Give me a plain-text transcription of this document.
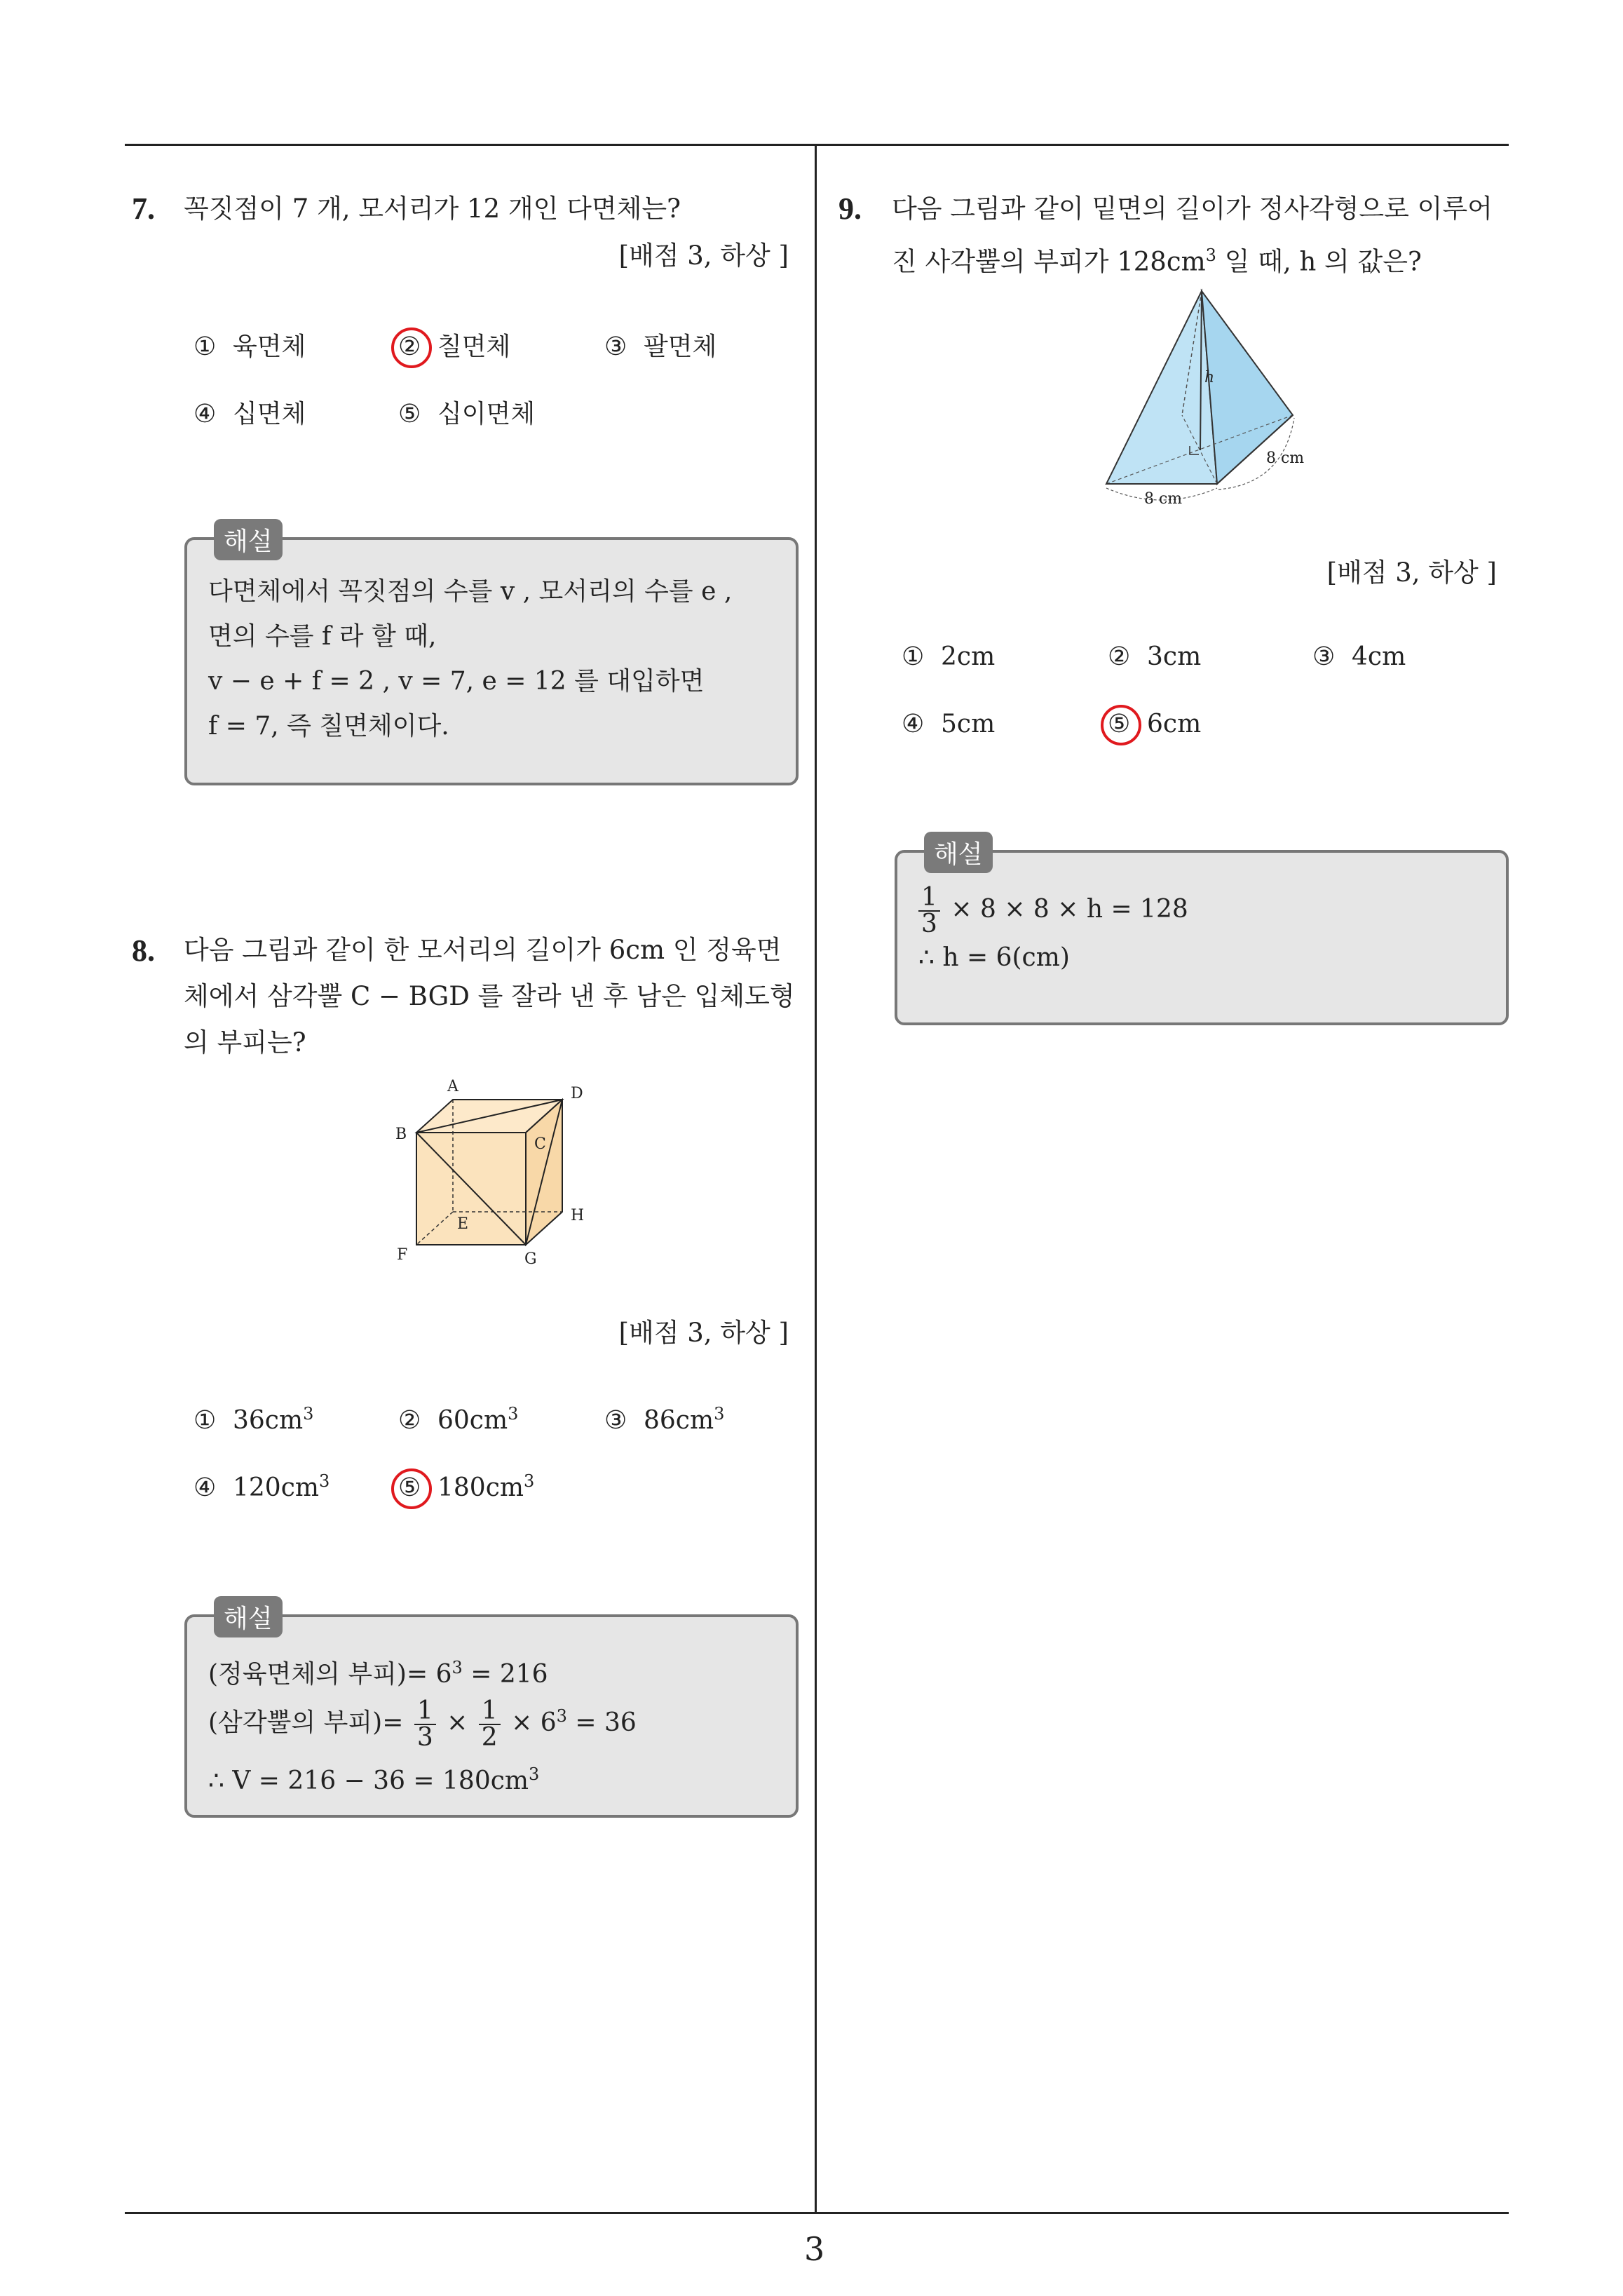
3
7. 꼭짓점이 7 개, 모서리가 12 개인 다면체는?
[배점 3, 하상 ]
① 육면체	② 칠면체	③ 팔면체
④ 십면체	⑤ 십이면체
해설
다면체에서 꼭짓점의 수를 v , 모서리의 수를 e ,
면의 수를 f 라 할 때,
v − e + f = 2 , v = 7, e = 12 를 대입하면
f = 7, 즉 칠면체이다.
8. 다음 그림과 같이 한 모서리의 길이가 6cm 인 정육면
체에서 삼각뿔 C − BGD 를 잘라 낸 후 남은 입체도형
의 부피는?
A
B
C
D
E
F	G
H
[배점 3, 하상 ]
① $36cm^3$	② $60cm^3$	③ $86cm^3$
④ $120cm^3$	⑤ $180cm^3$
해설
(정육면체의 부피)= $6^3 = 216$
(삼각뿔의 부피)= $\frac{1}{3} \times \frac{1}{2} \times 6^3 = 36$
∴ $V = 216 - 36 = 180cm^3$
9. 다음 그림과 같이 밑면의 길이가 정사각형으로 이루어
진 사각뿔의 부피가 $128cm^3$ 일 때, h 의 값은?
h
8 cm
8 cm
[배점 3, 하상 ]
① 2cm	② 3cm	③ 4cm
④ 5cm	⑤ 6cm
해설
$\frac{1}{3} \times 8 \times 8 \times h = 128$
∴ h = 6(cm)
